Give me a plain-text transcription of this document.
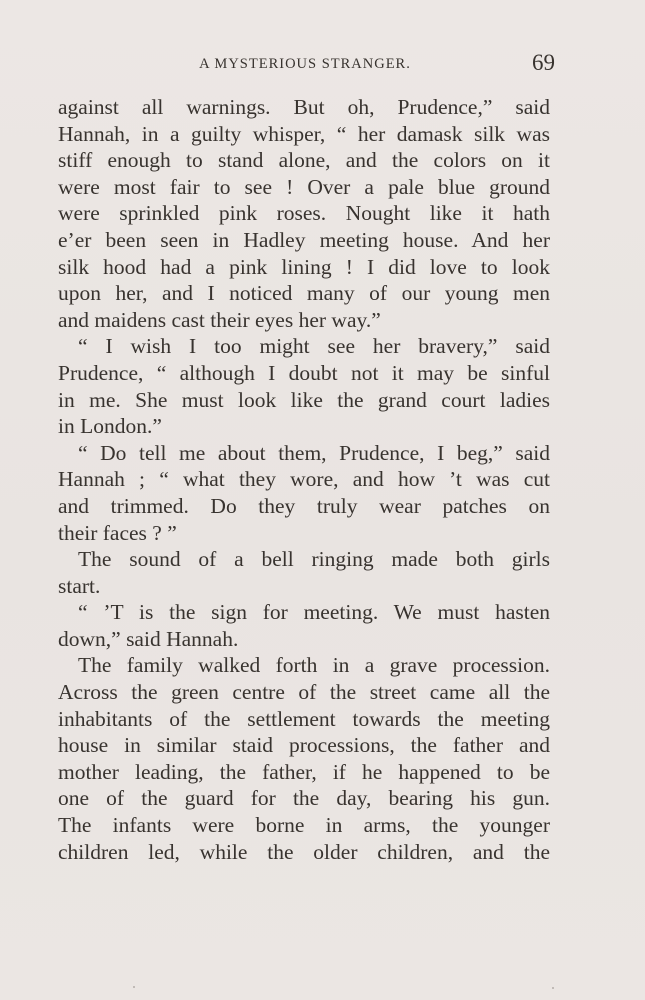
A MYSTERIOUS STRANGER.	69
against all warnings. But oh, Prudence,” said
Hannah, in a guilty whisper, “ her damask silk was
stiff enough to stand alone, and the colors on it
were most fair to see ! Over a pale blue ground
were sprinkled pink roses. Nought like it hath
e’er been seen in Hadley meeting house. And her
silk hood had a pink lining ! I did love to look
upon her, and I noticed many of our young men
and maidens cast their eyes her way.”
“ I wish I too might see her bravery,” said
Prudence, “ although I doubt not it may be sinful
in me. She must look like the grand court ladies
in London.”
“ Do tell me about them, Prudence, I beg,” said
Hannah ; “ what they wore, and how ’t was cut
and trimmed. Do they truly wear patches on
their faces ? ”
The sound of a bell ringing made both girls
start.
“ ’T is the sign for meeting. We must hasten
down,” said Hannah.
The family walked forth in a grave procession.
Across the green centre of the street came all the
inhabitants of the settlement towards the meeting
house in similar staid processions, the father and
mother leading, the father, if he happened to be
one of the guard for the day, bearing his gun.
The infants were borne in arms, the younger
children led, while the older children, and the
